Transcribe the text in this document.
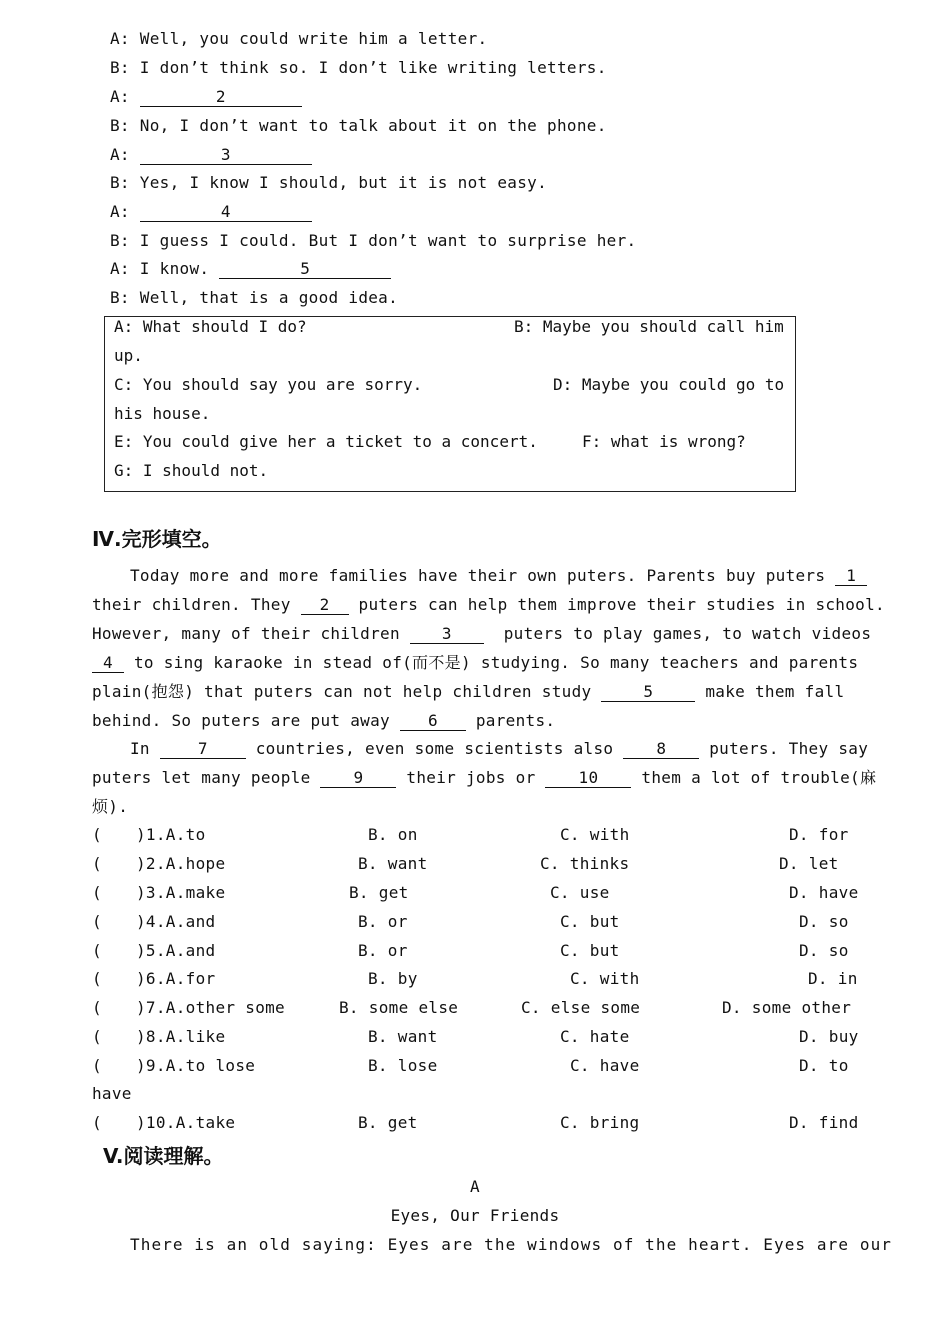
A: Well, you could write him a letter.
B: I don’t think so. I don’t like writing letters.
A:	2
B: No, I don’t want to talk about it on the phone.
A:	3
B: Yes, I know I should, but it is not easy.
A:	4
B: I guess I could. But I don’t want to surprise her.
A: I know.	5
B: Well, that is a good idea.
A: What should I do?	B: Maybe you should call him
up.
C: You should say you are sorry.	D: Maybe you could go to
his house.
E: You could give her a ticket to a concert.	F: what is wrong?
G: I should not.
Ⅳ.完形填空。
Today more and more families have their own puters. Parents buy puters 1
their children. They 2 puters can help them improve their studies in school.
However, many of their children	3	puters to play games, to watch videos
4 to sing karaoke in stead of(而不是) studying. So many teachers and parents
plain(抱怨) that puters can not help children study	5	make them fall
behind. So puters are put away 6 parents.
In	7	countries, even some scientists also	8	puters. They say
puters let many people	9	their jobs or	10	them a lot of trouble(麻
烦).
( )1.A.to	B. on	C. with	D. for
( )2.A.hope	B. want	C. thinks	D. let
( )3.A.make	B. get	C. use	D. have
( )4.A.and	B. or	C. but	D. so
( )5.A.and	B. or	C. but	D. so
( )6.A.for	B. by	C. with	D. in
( )7.A.other some	B. some else	C. else some	D. some other
( )8.A.like	B. want	C. hate	D. buy
( )9.A.to lose	B. lose	C. have	D. to
have
( )10.A.take	B. get	C. bring	D. find
V.阅读理解。
A
Eyes, Our Friends
There is an old saying: Eyes are the windows of the heart. Eyes are our
